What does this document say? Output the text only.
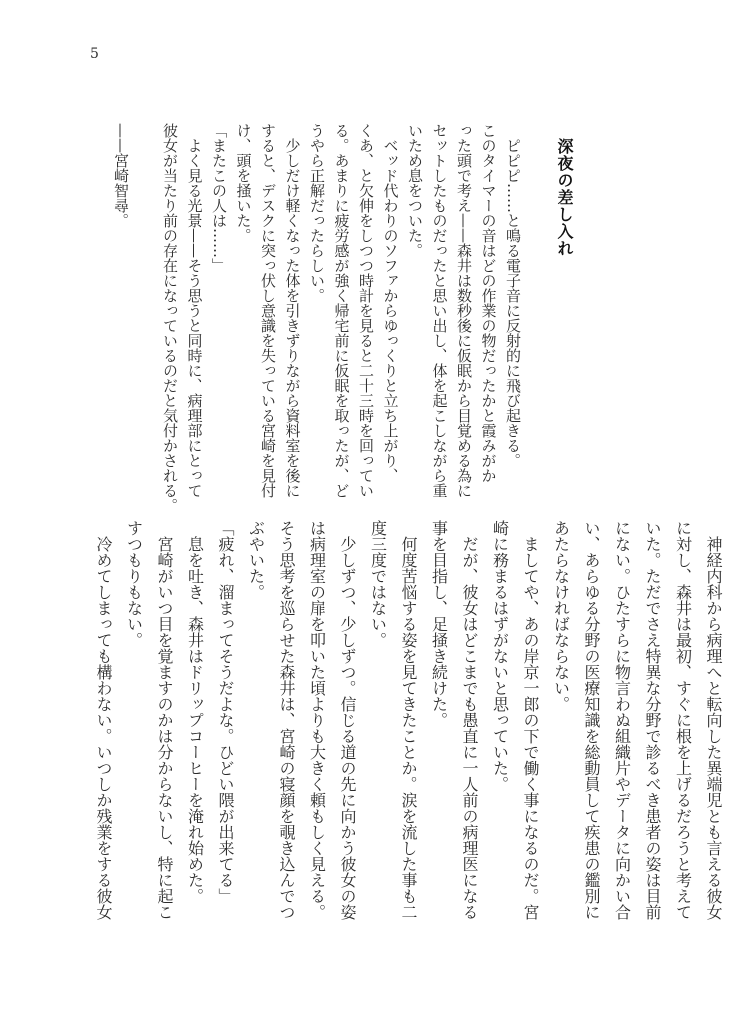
5
深夜の差し入れ
　ピピピ……と鳴る電子音に反射的に飛び起きる。
このタイマーの音はどの作業の物だったかと霞みがか
った頭で考え——森井は数秒後に仮眠から目覚める為に
セットしたものだったと思い出し、体を起こしながら重
いため息をついた。
　ベッド代わりのソファからゆっくりと立ち上がり、
くあ、と欠伸をしつつ時計を見ると二十三時を回ってい
る。あまりに疲労感が強く帰宅前に仮眠を取ったが、ど
うやら正解だったらしい。
　少しだけ軽くなった体を引きずりながら資料室を後に
すると、デスクに突っ伏し意識を失っている宮崎を見付
け、頭を掻いた。
「またこの人は……」
　よく見る光景——そう思うと同時に、病理部にとって
彼女が当たり前の存在になっているのだと気付かされる。
——宮崎智尋。
　神経内科から病理へと転向した異端児とも言える彼女
に対し、森井は最初、すぐに根を上げるだろうと考えて
いた。ただでさえ特異な分野で診るべき患者の姿は目前
にない。ひたすらに物言わぬ組織片やデータに向かい合
い、あらゆる分野の医療知識を総動員して疾患の鑑別に
あたらなければならない。
　ましてや、あの岸京一郎の下で働く事になるのだ。宮
崎に務まるはずがないと思っていた。
　だが、彼女はどこまでも愚直に一人前の病理医になる
事を目指し、足掻き続けた。
　何度苦悩する姿を見てきたことか。涙を流した事も二
度三度ではない。
　少しずつ、少しずつ。信じる道の先に向かう彼女の姿
は病理室の扉を叩いた頃よりも大きく頼もしく見える。
そう思考を巡らせた森井は、宮崎の寝顔を覗き込んでつ
ぶやいた。
「疲れ、溜まってそうだよな。ひどい隈が出来てる」
　息を吐き、森井はドリップコーヒーを淹れ始めた。
　宮崎がいつ目を覚ますのかは分からないし、特に起こ
すつもりもない。
　冷めてしまっても構わない。いつしか残業をする彼女
